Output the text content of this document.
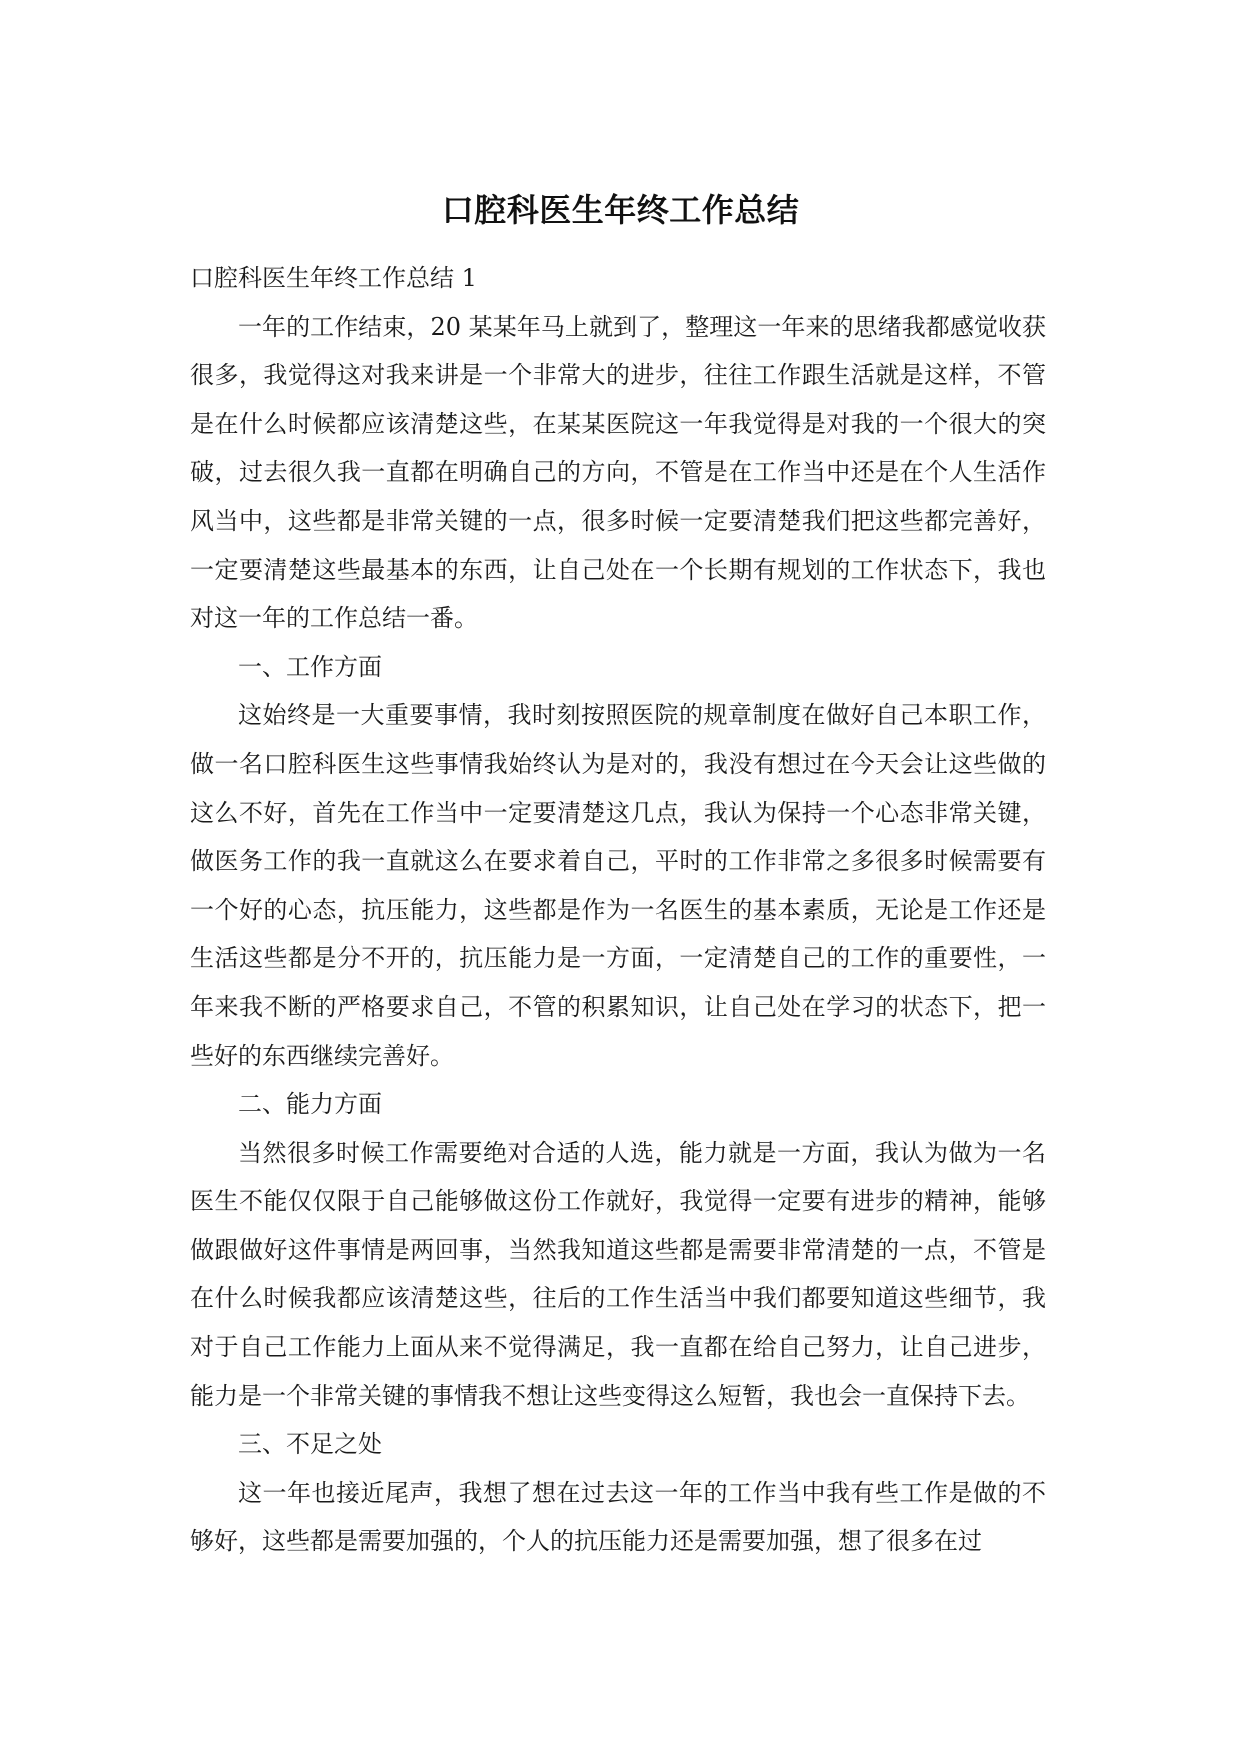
口腔科医生年终工作总结

口腔科医生年终工作总结 1

一年的工作结束，20 某某年马上就到了，整理这一年来的思绪我都感觉收获很多，我觉得这对我来讲是一个非常大的进步，往往工作跟生活就是这样，不管是在什么时候都应该清楚这些，在某某医院这一年我觉得是对我的一个很大的突破，过去很久我一直都在明确自己的方向，不管是在工作当中还是在个人生活作风当中，这些都是非常关键的一点，很多时候一定要清楚我们把这些都完善好，一定要清楚这些最基本的东西，让自己处在一个长期有规划的工作状态下，我也对这一年的工作总结一番。

一、工作方面

这始终是一大重要事情，我时刻按照医院的规章制度在做好自己本职工作，做一名口腔科医生这些事情我始终认为是对的，我没有想过在今天会让这些做的这么不好，首先在工作当中一定要清楚这几点，我认为保持一个心态非常关键，做医务工作的我一直就这么在要求着自己，平时的工作非常之多很多时候需要有一个好的心态，抗压能力，这些都是作为一名医生的基本素质，无论是工作还是生活这些都是分不开的，抗压能力是一方面，一定清楚自己的工作的重要性，一年来我不断的严格要求自己，不管的积累知识，让自己处在学习的状态下，把一些好的东西继续完善好。

二、能力方面

当然很多时候工作需要绝对合适的人选，能力就是一方面，我认为做为一名医生不能仅仅限于自己能够做这份工作就好，我觉得一定要有进步的精神，能够做跟做好这件事情是两回事，当然我知道这些都是需要非常清楚的一点，不管是在什么时候我都应该清楚这些，往后的工作生活当中我们都要知道这些细节，我对于自己工作能力上面从来不觉得满足，我一直都在给自己努力，让自己进步，能力是一个非常关键的事情我不想让这些变得这么短暂，我也会一直保持下去。

三、不足之处

这一年也接近尾声，我想了想在过去这一年的工作当中我有些工作是做的不够好，这些都是需要加强的，个人的抗压能力还是需要加强，想了很多在过
